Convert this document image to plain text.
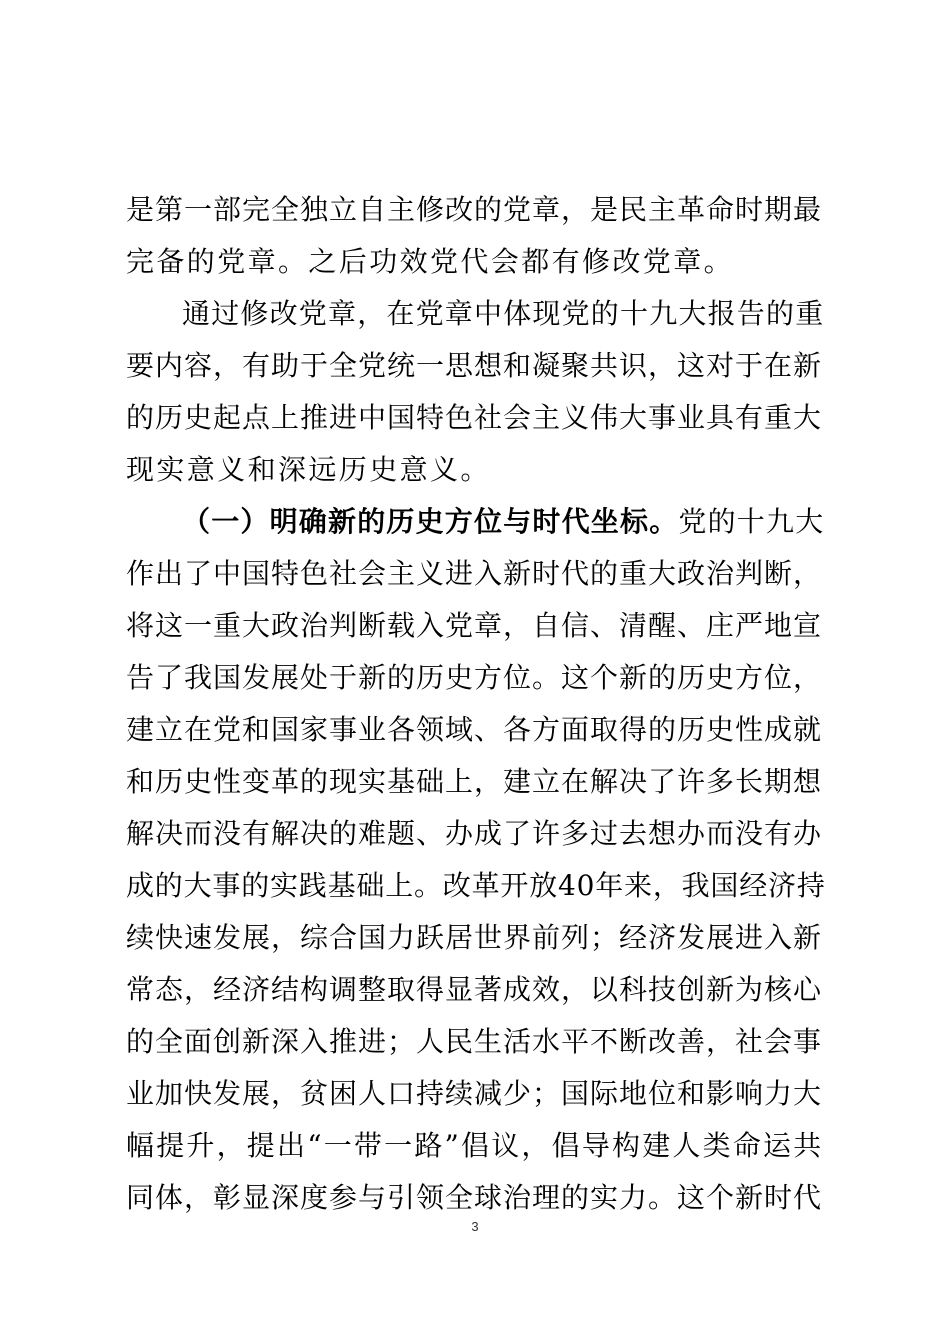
是第一部完全独立自主修改的党章，是民主革命时期最
完备的党章。之后功效党代会都有修改党章。
通过修改党章，在党章中体现党的十九大报告的重
要内容，有助于全党统一思想和凝聚共识，这对于在新
的历史起点上推进中国特色社会主义伟大事业具有重大
现实意义和深远历史意义。
（一）明确新的历史方位与时代坐标。党的十九大
作出了中国特色社会主义进入新时代的重大政治判断，
将这一重大政治判断载入党章，自信、清醒、庄严地宣
告了我国发展处于新的历史方位。这个新的历史方位，
建立在党和国家事业各领域、各方面取得的历史性成就
和历史性变革的现实基础上，建立在解决了许多长期想
解决而没有解决的难题、办成了许多过去想办而没有办
成的大事的实践基础上。改革开放40年来，我国经济持
续快速发展，综合国力跃居世界前列；经济发展进入新
常态，经济结构调整取得显著成效，以科技创新为核心
的全面创新深入推进；人民生活水平不断改善，社会事
业加快发展，贫困人口持续减少；国际地位和影响力大
幅提升，提出“一带一路”倡议，倡导构建人类命运共
同体，彰显深度参与引领全球治理的实力。这个新时代
3
